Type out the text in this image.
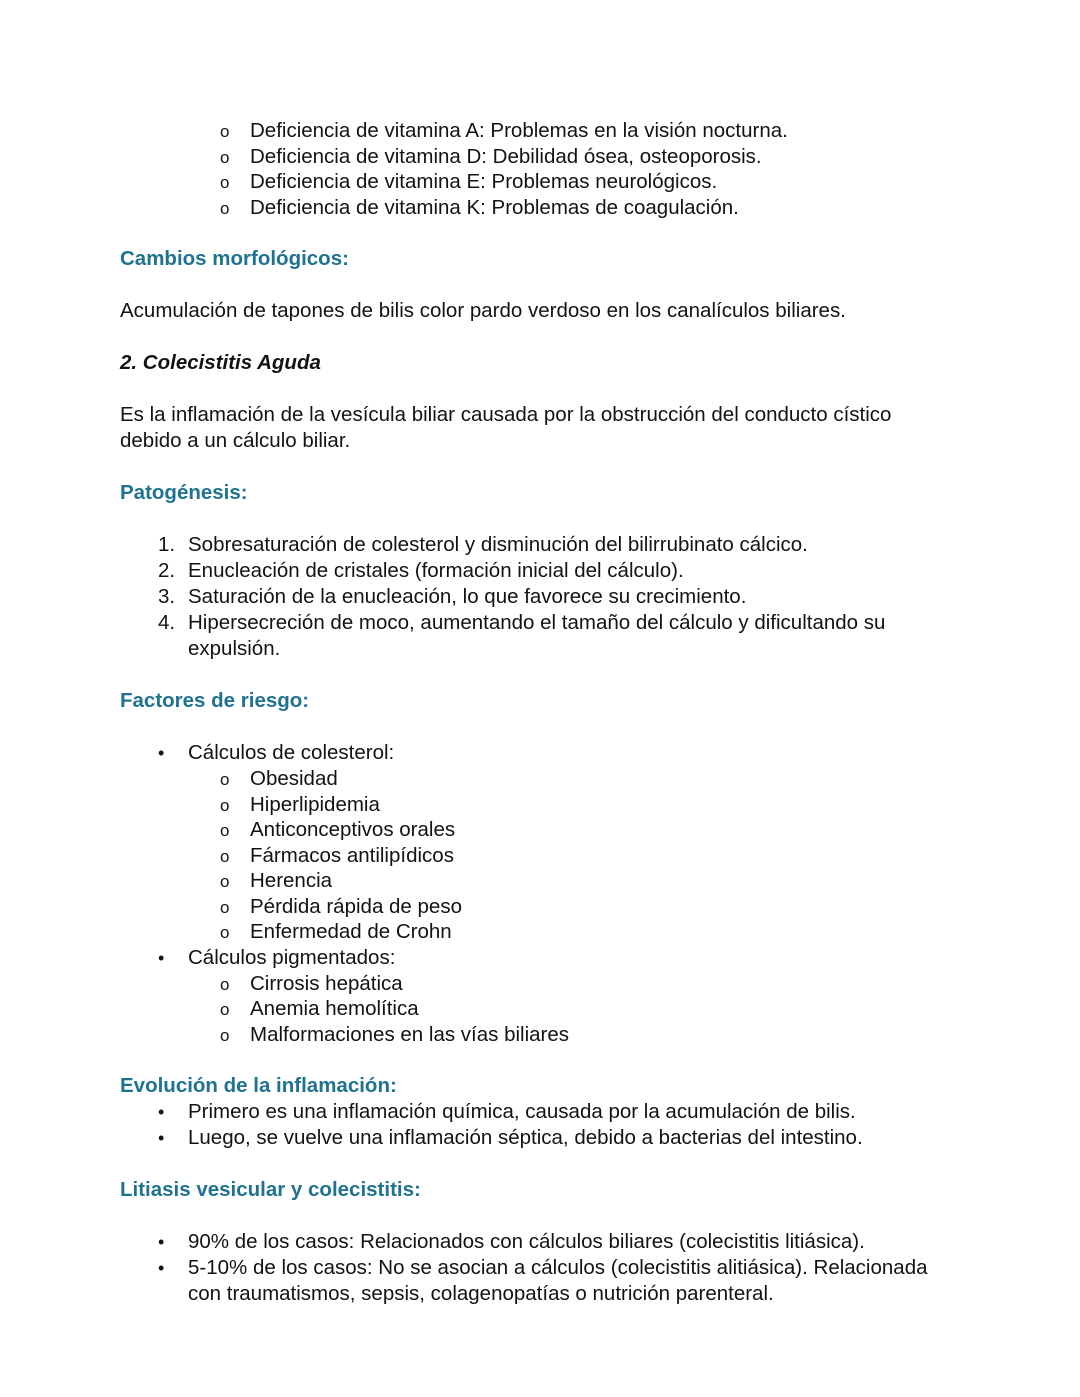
o
Deficiencia de vitamina A: Problemas en la visión nocturna.
o
Deficiencia de vitamina D: Debilidad ósea, osteoporosis.
o
Deficiencia de vitamina E: Problemas neurológicos.
o
Deficiencia de vitamina K: Problemas de coagulación.

Cambios morfológicos:

Acumulación de tapones de bilis color pardo verdoso en los canalículos biliares.

2. Colecistitis Aguda

Es la inflamación de la vesícula biliar causada por la obstrucción del conducto cístico debido a un cálculo biliar.

Patogénesis:

1. Sobresaturación de colesterol y disminución del bilirrubinato cálcico.
2. Enucleación de cristales (formación inicial del cálculo).
3. Saturación de la enucleación, lo que favorece su crecimiento.
4. Hipersecreción de moco, aumentando el tamaño del cálculo y dificultando su expulsión.

Factores de riesgo:

•
Cálculos de colesterol:
o
Obesidad
o
Hiperlipidemia
o
Anticonceptivos orales
o
Fármacos antilipídicos
o
Herencia
o
Pérdida rápida de peso
o
Enfermedad de Crohn
•
Cálculos pigmentados:
o
Cirrosis hepática
o
Anemia hemolítica
o
Malformaciones en las vías biliares

Evolución de la inflamación:

•
Primero es una inflamación química, causada por la acumulación de bilis.
•
Luego, se vuelve una inflamación séptica, debido a bacterias del intestino.

Litiasis vesicular y colecistitis:

•
90% de los casos: Relacionados con cálculos biliares (colecistitis litiásica).
•
5-10% de los casos: No se asocian a cálculos (colecistitis alitiásica). Relacionada con traumatismos, sepsis, colagenopatías o nutrición parenteral.
